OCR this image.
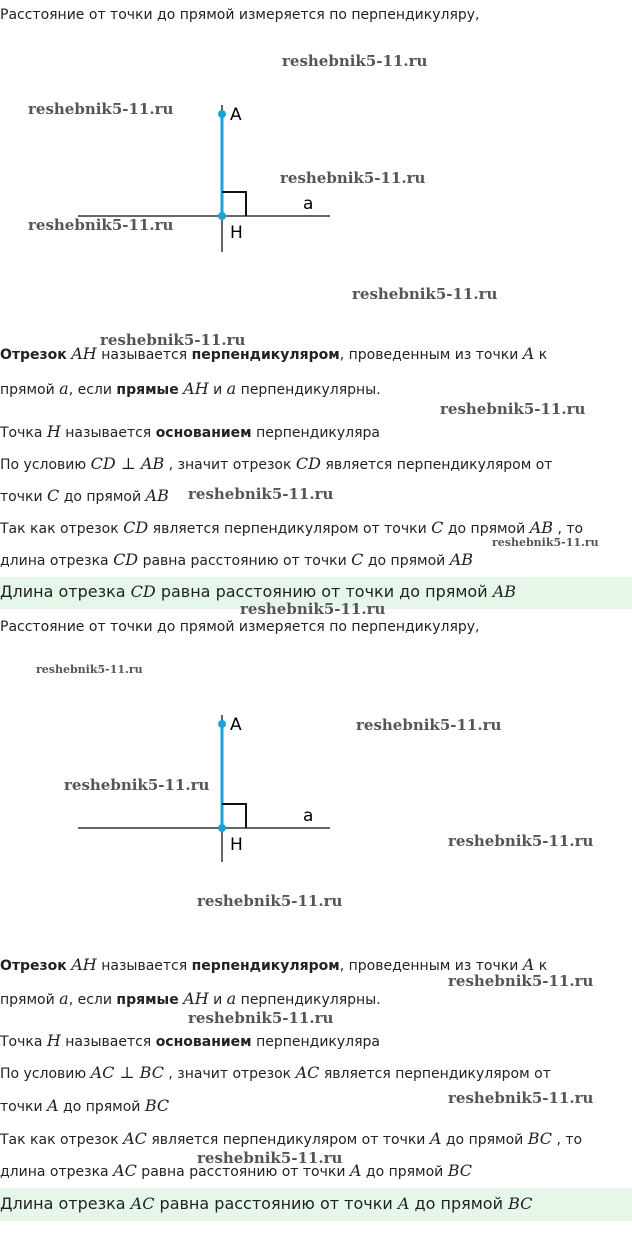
Расстояние от точки до прямой измеряется по перпендикуляру,
A
H
a
Отрезок AH называется перпендикуляром, проведенным из точки A к
прямой a, если прямые AH и a перпендикулярны.
Точка H называется основанием перпендикуляра
По условию CD ⊥ AB , значит отрезок CD является перпендикуляром от
точки C до прямой AB
Так как отрезок CD является перпендикуляром от точки C до прямой AB , то
длина отрезка CD равна расстоянию от точки C до прямой AB
Длина отрезка CD равна расстоянию от точки до прямой AB
Расстояние от точки до прямой измеряется по перпендикуляру,
A
H
a
Отрезок AH называется перпендикуляром, проведенным из точки A к
прямой a, если прямые AH и a перпендикулярны.
Точка H называется основанием перпендикуляра
По условию AC ⊥ BC , значит отрезок AC является перпендикуляром от
точки A до прямой BC
Так как отрезок AC является перпендикуляром от точки A до прямой BC , то
длина отрезка AC равна расстоянию от точки A до прямой BC
Длина отрезка AC равна расстоянию от точки A до прямой BC
reshebnik5-11.ru
reshebnik5-11.ru
reshebnik5-11.ru
reshebnik5-11.ru
reshebnik5-11.ru
reshebnik5-11.ru
reshebnik5-11.ru
reshebnik5-11.ru
reshebnik5-11.ru
reshebnik5-11.ru
reshebnik5-11.ru
reshebnik5-11.ru
reshebnik5-11.ru
reshebnik5-11.ru
reshebnik5-11.ru
reshebnik5-11.ru
reshebnik5-11.ru
reshebnik5-11.ru
reshebnik5-11.ru
